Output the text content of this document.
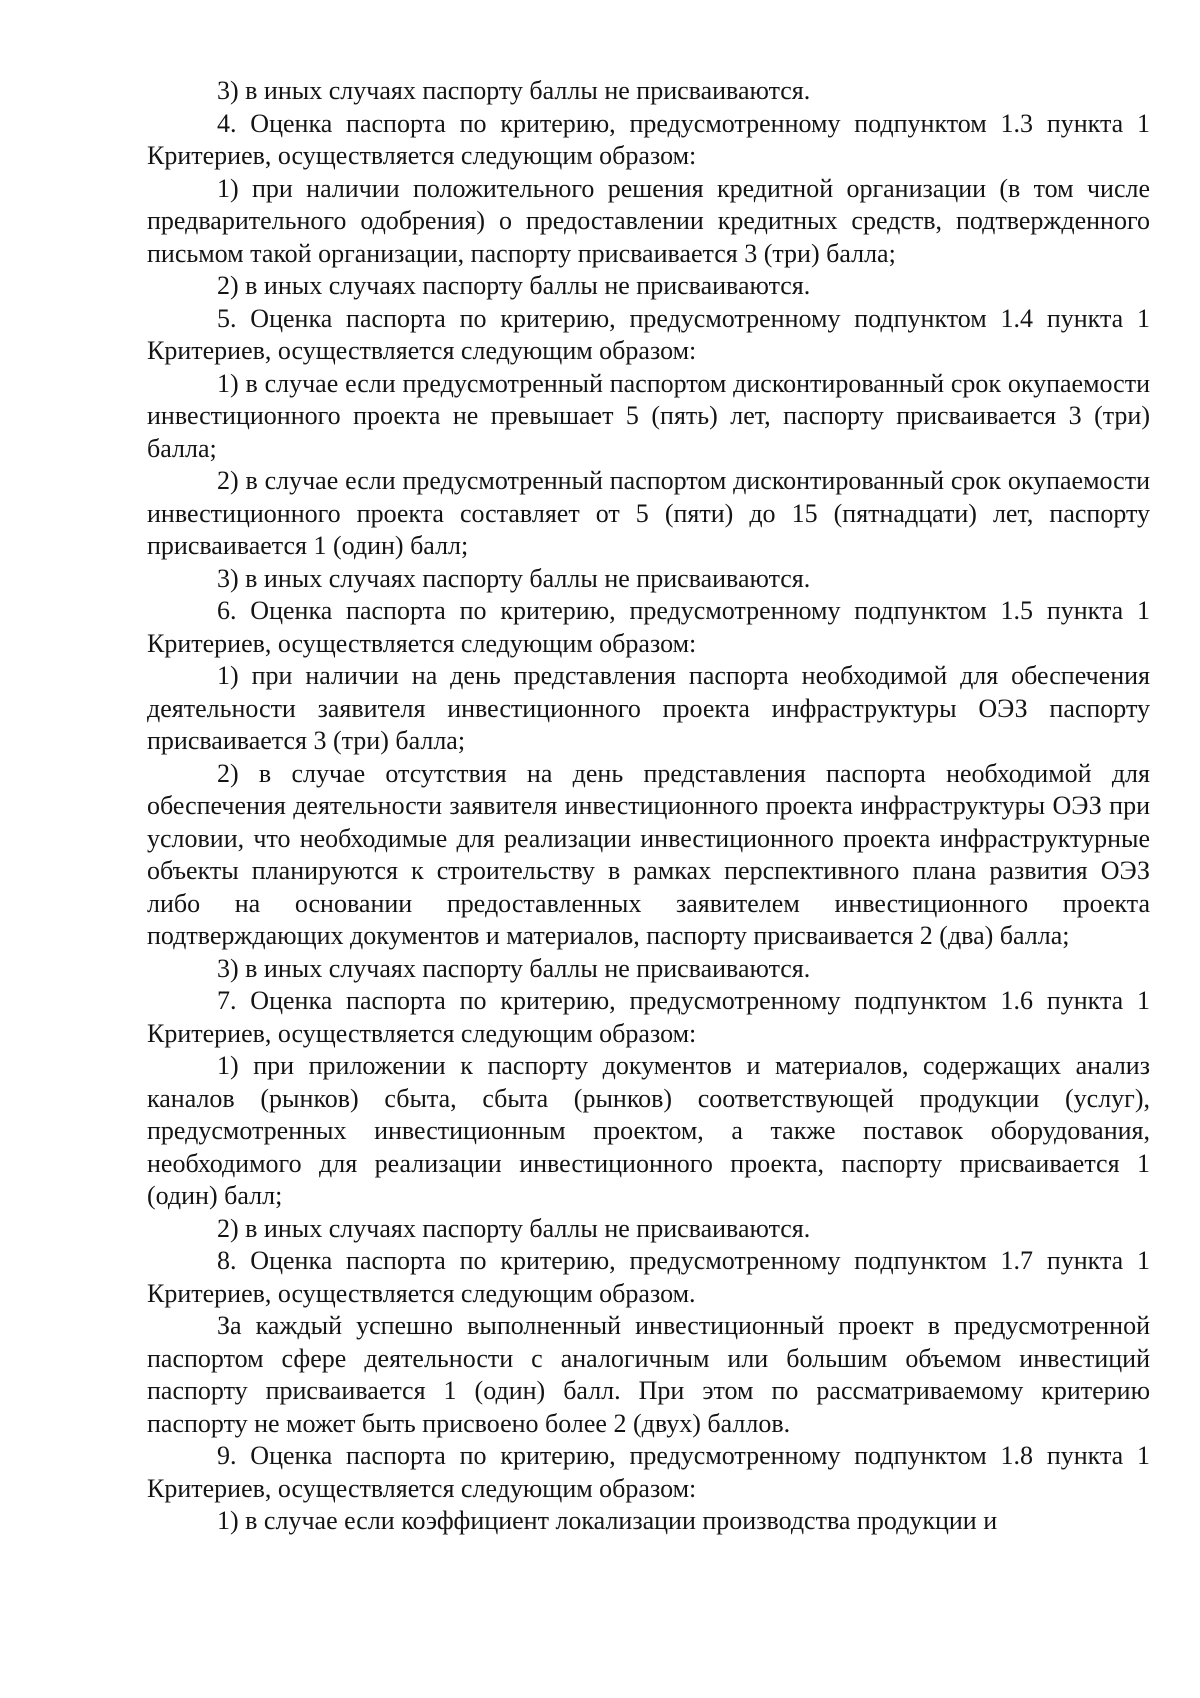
3) в иных случаях паспорту баллы не присваиваются.

4. Оценка паспорта по критерию, предусмотренному подпунктом 1.3 пункта 1 Критериев, осуществляется следующим образом:

1) при наличии положительного решения кредитной организации (в том числе предварительного одобрения) о предоставлении кредитных средств, подтвержденного письмом такой организации, паспорту присваивается 3 (три) балла;

2) в иных случаях паспорту баллы не присваиваются.

5. Оценка паспорта по критерию, предусмотренному подпунктом 1.4 пункта 1 Критериев, осуществляется следующим образом:

1) в случае если предусмотренный паспортом дисконтированный срок окупаемости инвестиционного проекта не превышает 5 (пять) лет, паспорту присваивается 3 (три) балла;

2) в случае если предусмотренный паспортом дисконтированный срок окупаемости инвестиционного проекта составляет от 5 (пяти) до 15 (пятнадцати) лет, паспорту присваивается 1 (один) балл;

3) в иных случаях паспорту баллы не присваиваются.

6. Оценка паспорта по критерию, предусмотренному подпунктом 1.5 пункта 1 Критериев, осуществляется следующим образом:

1) при наличии на день представления паспорта необходимой для обеспечения деятельности заявителя инвестиционного проекта инфраструктуры ОЭЗ паспорту присваивается 3 (три) балла;

2) в случае отсутствия на день представления паспорта необходимой для обеспечения деятельности заявителя инвестиционного проекта инфраструктуры ОЭЗ при условии, что необходимые для реализации инвестиционного проекта инфраструктурные объекты планируются к строительству в рамках перспективного плана развития ОЭЗ либо на основании предоставленных заявителем инвестиционного проекта подтверждающих документов и материалов, паспорту присваивается 2 (два) балла;

3) в иных случаях паспорту баллы не присваиваются.

7. Оценка паспорта по критерию, предусмотренному подпунктом 1.6 пункта 1 Критериев, осуществляется следующим образом:

1) при приложении к паспорту документов и материалов, содержащих анализ каналов (рынков) сбыта, сбыта (рынков) соответствующей продукции (услуг), предусмотренных инвестиционным проектом, а также поставок оборудования, необходимого для реализации инвестиционного проекта, паспорту присваивается 1 (один) балл;

2) в иных случаях паспорту баллы не присваиваются.

8. Оценка паспорта по критерию, предусмотренному подпунктом 1.7 пункта 1 Критериев, осуществляется следующим образом.

За каждый успешно выполненный инвестиционный проект в предусмотренной паспортом сфере деятельности с аналогичным или большим объемом инвестиций паспорту присваивается 1 (один) балл. При этом по рассматриваемому критерию паспорту не может быть присвоено более 2 (двух) баллов.

9. Оценка паспорта по критерию, предусмотренному подпунктом 1.8 пункта 1 Критериев, осуществляется следующим образом:

1) в случае если коэффициент локализации производства продукции и
